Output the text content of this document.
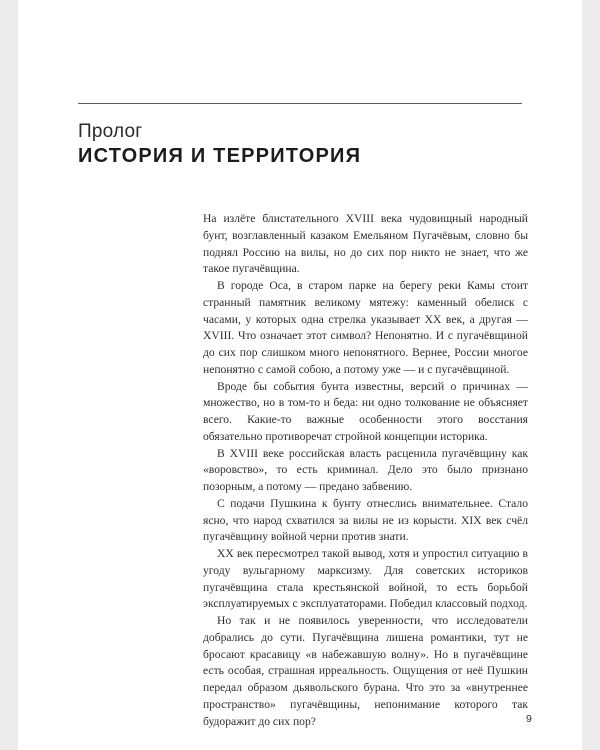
Пролог
ИСТОРИЯ И ТЕРРИТОРИЯ

На излёте блистательного XVIII века чудовищный народный бунт, возглавленный казаком Емельяном Пугачёвым, словно бы поднял Россию на вилы, но до сих пор никто не знает, что же такое пугачёвщина.

В городе Оса, в старом парке на берегу реки Камы стоит странный памятник великому мятежу: каменный обелиск с часами, у которых одна стрелка указывает XX век, а другая — XVIII. Что означает этот символ? Непонятно. И с пугачёвщиной до сих пор слишком много непонятного. Вернее, России многое непонятно с самой собою, а потому уже — и с пугачёвщиной.

Вроде бы события бунта известны, версий о причинах — множество, но в том-то и беда: ни одно толкование не объясняет всего. Какие-то важные особенности этого восстания обязательно противоречат стройной концепции историка.

В XVIII веке российская власть расценила пугачёвщину как «воровство», то есть криминал. Дело это было признано позорным, а потому — предано забвению.

С подачи Пушкина к бунту отнеслись внимательнее. Стало ясно, что народ схватился за вилы не из корысти. XIX век счёл пугачёвщину войной черни против знати.

XX век пересмотрел такой вывод, хотя и упростил ситуацию в угоду вульгарному марксизму. Для советских историков пугачёвщина стала крестьянской войной, то есть борьбой эксплуатируемых с эксплуататорами. Победил классовый подход.

Но так и не появилось уверенности, что исследователи добрались до сути. Пугачёвщина лишена романтики, тут не бросают красавицу «в набежавшую волну». Но в пугачёвщине есть особая, страшная ирреальность. Ощущения от неё Пушкин передал образом дьявольского бурана. Что это за «внутреннее пространство» пугачёвщины, непонимание которого так будоражит до сих пор?	9
